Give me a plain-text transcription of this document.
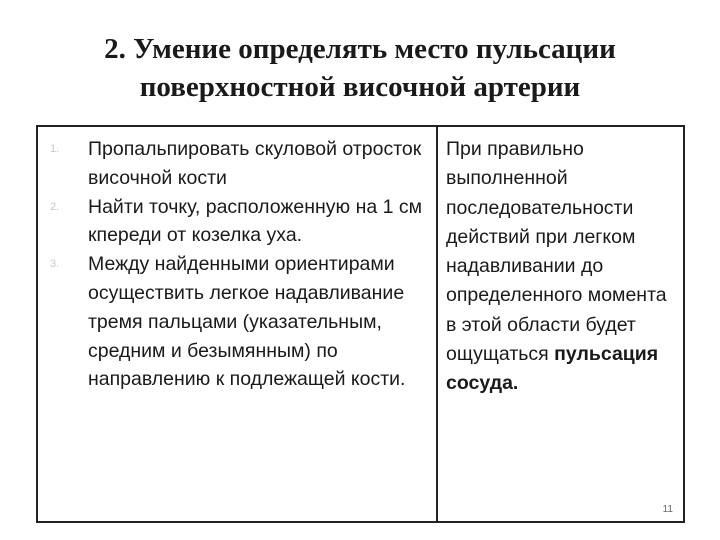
2. Умение определять место пульсации
поверхностной височной артерии
1. Пропальпировать скуловой отросток височной кости
2. Найти точку, расположенную на 1 см кпереди от козелка уха.
3. Между найденными ориентирами осуществить легкое надавливание тремя пальцами (указательным, средним и безымянным) по направлению к подлежащей кости.
При правильно выполненной последовательности действий при легком надавливании до определенного момента в этой области будет ощущаться пульсация сосуда.
11
